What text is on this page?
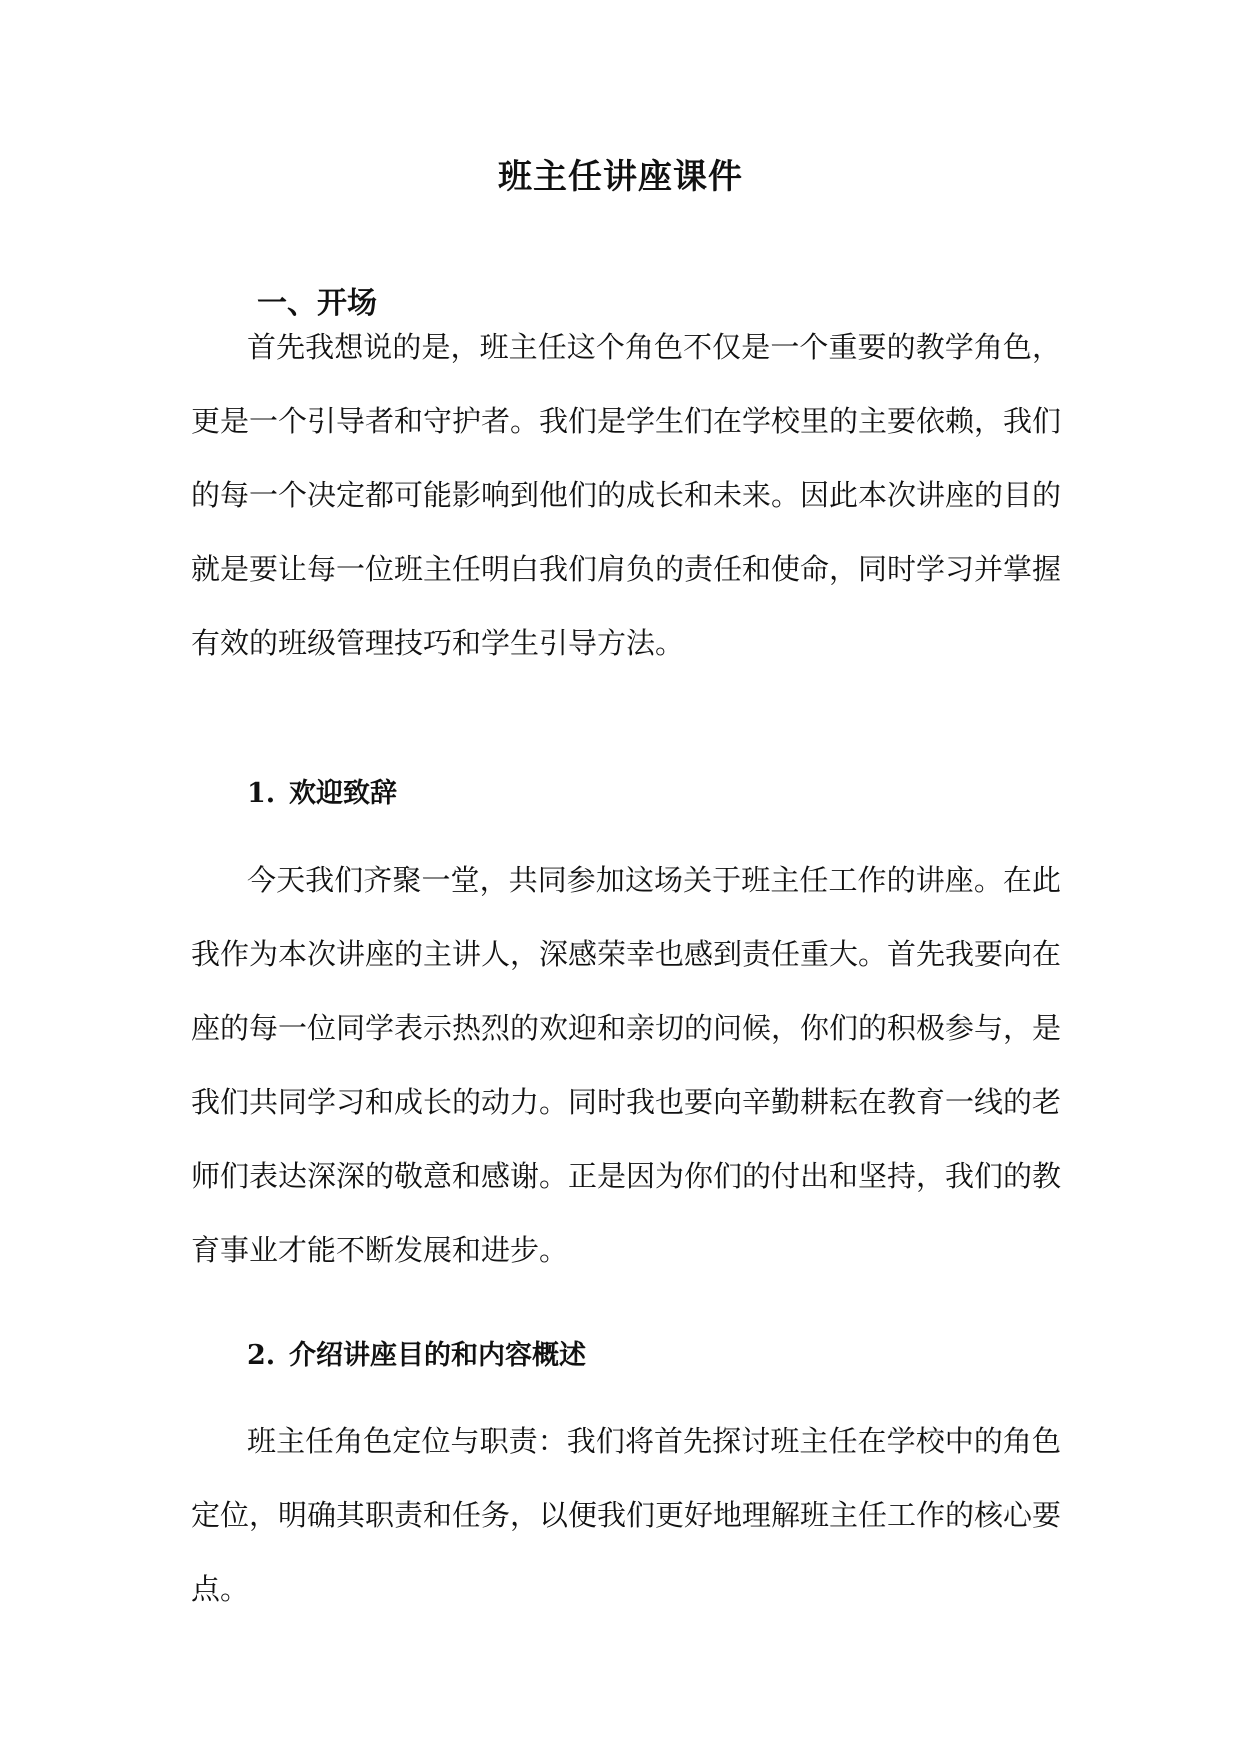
班主任讲座课件
一、开场
首先我想说的是，班主任这个角色不仅是一个重要的教学角色，
更是一个引导者和守护者。我们是学生们在学校里的主要依赖，我们
的每一个决定都可能影响到他们的成长和未来。因此本次讲座的目的
就是要让每一位班主任明白我们肩负的责任和使命，同时学习并掌握
有效的班级管理技巧和学生引导方法。
1. 欢迎致辞
今天我们齐聚一堂，共同参加这场关于班主任工作的讲座。在此
我作为本次讲座的主讲人，深感荣幸也感到责任重大。首先我要向在
座的每一位同学表示热烈的欢迎和亲切的问候，你们的积极参与，是
我们共同学习和成长的动力。同时我也要向辛勤耕耘在教育一线的老
师们表达深深的敬意和感谢。正是因为你们的付出和坚持，我们的教
育事业才能不断发展和进步。
2. 介绍讲座目的和内容概述
班主任角色定位与职责：我们将首先探讨班主任在学校中的角色
定位，明确其职责和任务，以便我们更好地理解班主任工作的核心要
点。
